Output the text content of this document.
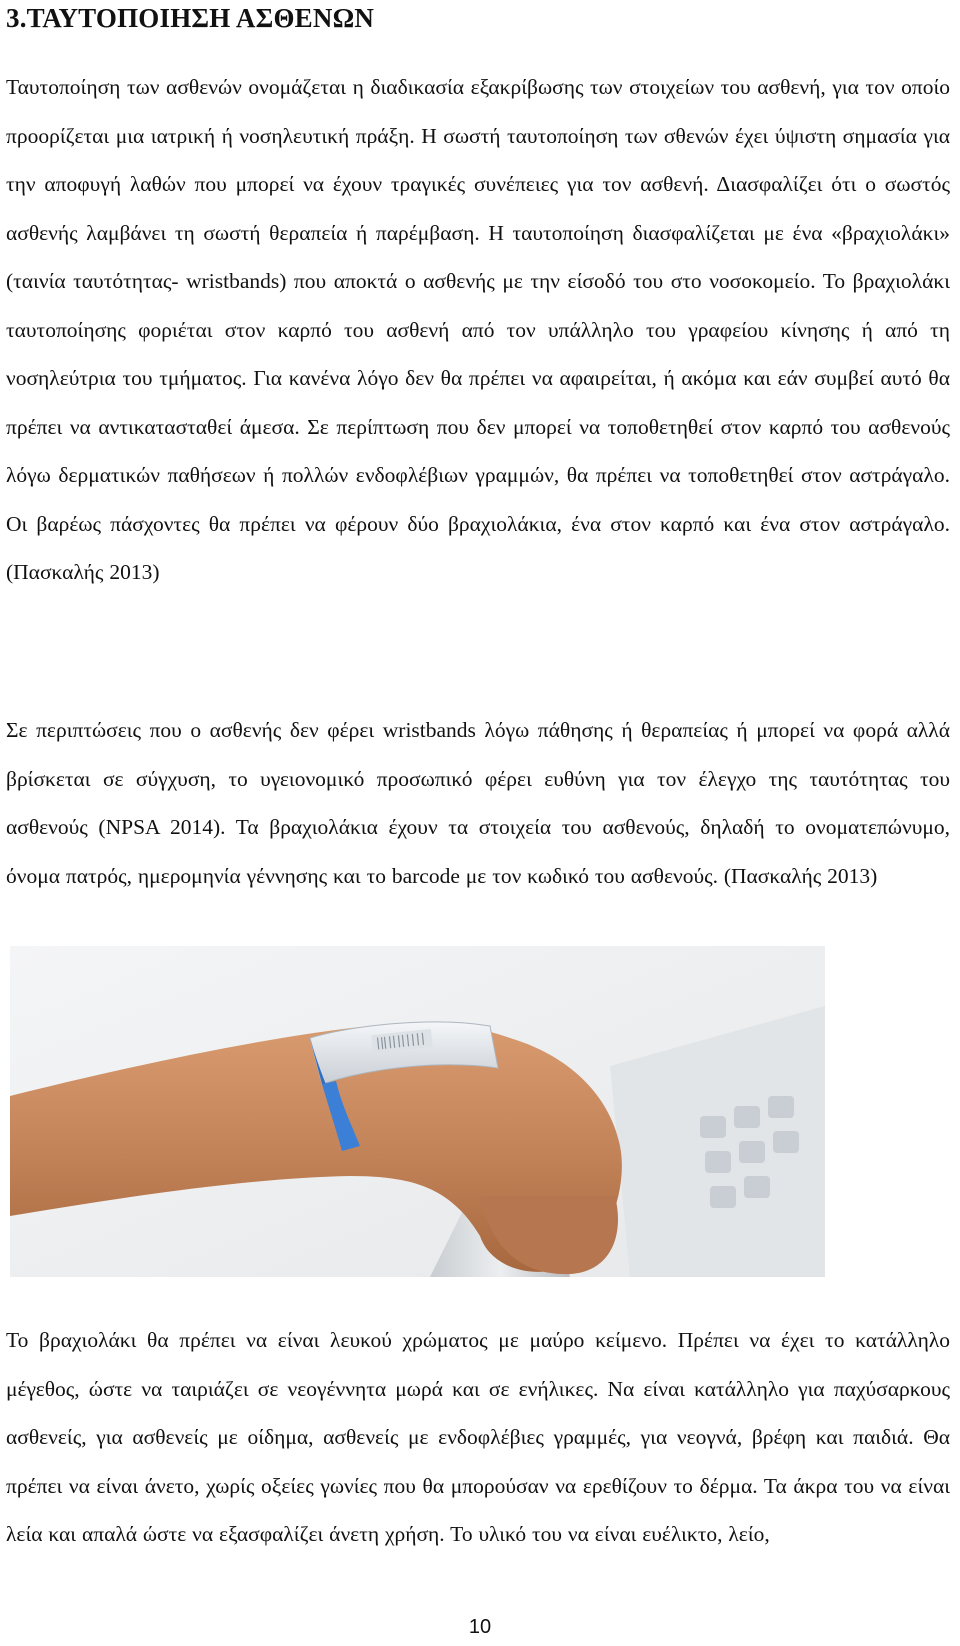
3.ΤΑΥΤΟΠΟΙΗΣΗ ΑΣΘΕΝΩΝ

Ταυτοποίηση των ασθενών ονομάζεται η διαδικασία εξακρίβωσης των στοιχείων του ασθενή, για τον οποίο προορίζεται μια ιατρική ή νοσηλευτική πράξη. Η σωστή ταυτοποίηση των σθενών έχει ύψιστη σημασία για την αποφυγή λαθών που μπορεί να έχουν τραγικές συνέπειες για τον ασθενή. Διασφαλίζει ότι ο σωστός ασθενής λαμβάνει τη σωστή θεραπεία ή παρέμβαση. Η ταυτοποίηση διασφαλίζεται με ένα «βραχιολάκι» (ταινία ταυτότητας- wristbands) που αποκτά ο ασθενής με την είσοδό του στο νοσοκομείο. Το βραχιολάκι ταυτοποίησης φοριέται στον καρπό του ασθενή από τον υπάλληλο του γραφείου κίνησης ή από τη νοσηλεύτρια του τμήματος. Για κανένα λόγο δεν θα πρέπει να αφαιρείται, ή ακόμα και εάν συμβεί αυτό θα πρέπει να αντικατασταθεί άμεσα. Σε περίπτωση που δεν μπορεί να τοποθετηθεί στον καρπό του ασθενούς λόγω δερματικών παθήσεων ή πολλών ενδοφλέβιων γραμμών, θα πρέπει να τοποθετηθεί στον αστράγαλο. Οι βαρέως πάσχοντες θα πρέπει να φέρουν δύο βραχιολάκια, ένα στον καρπό και ένα στον αστράγαλο. (Πασκαλής 2013)

Σε περιπτώσεις που ο ασθενής δεν φέρει wristbands λόγω πάθησης ή θεραπείας ή μπορεί να φορά αλλά βρίσκεται σε σύγχυση, το υγειονομικό προσωπικό φέρει ευθύνη για τον έλεγχο της ταυτότητας του ασθενούς (NPSA 2014). Τα βραχιολάκια έχουν τα στοιχεία του ασθενούς, δηλαδή το ονοματεπώνυμο, όνομα πατρός, ημερομηνία γέννησης και το barcode με τον κωδικό του ασθενούς. (Πασκαλής 2013)

Το βραχιολάκι θα πρέπει να είναι λευκού χρώματος με μαύρο κείμενο. Πρέπει να έχει το κατάλληλο μέγεθος, ώστε να ταιριάζει σε νεογέννητα μωρά και σε ενήλικες. Να είναι κατάλληλο για παχύσαρκους ασθενείς, για ασθενείς με οίδημα, ασθενείς με ενδοφλέβιες γραμμές, για νεογνά, βρέφη και παιδιά. Θα πρέπει να είναι άνετο, χωρίς οξείες γωνίες που θα μπορούσαν να ερεθίζουν το δέρμα. Τα άκρα του να είναι λεία και απαλά ώστε να εξασφαλίζει άνετη χρήση. Το υλικό του να είναι ευέλικτο, λείο,

10
